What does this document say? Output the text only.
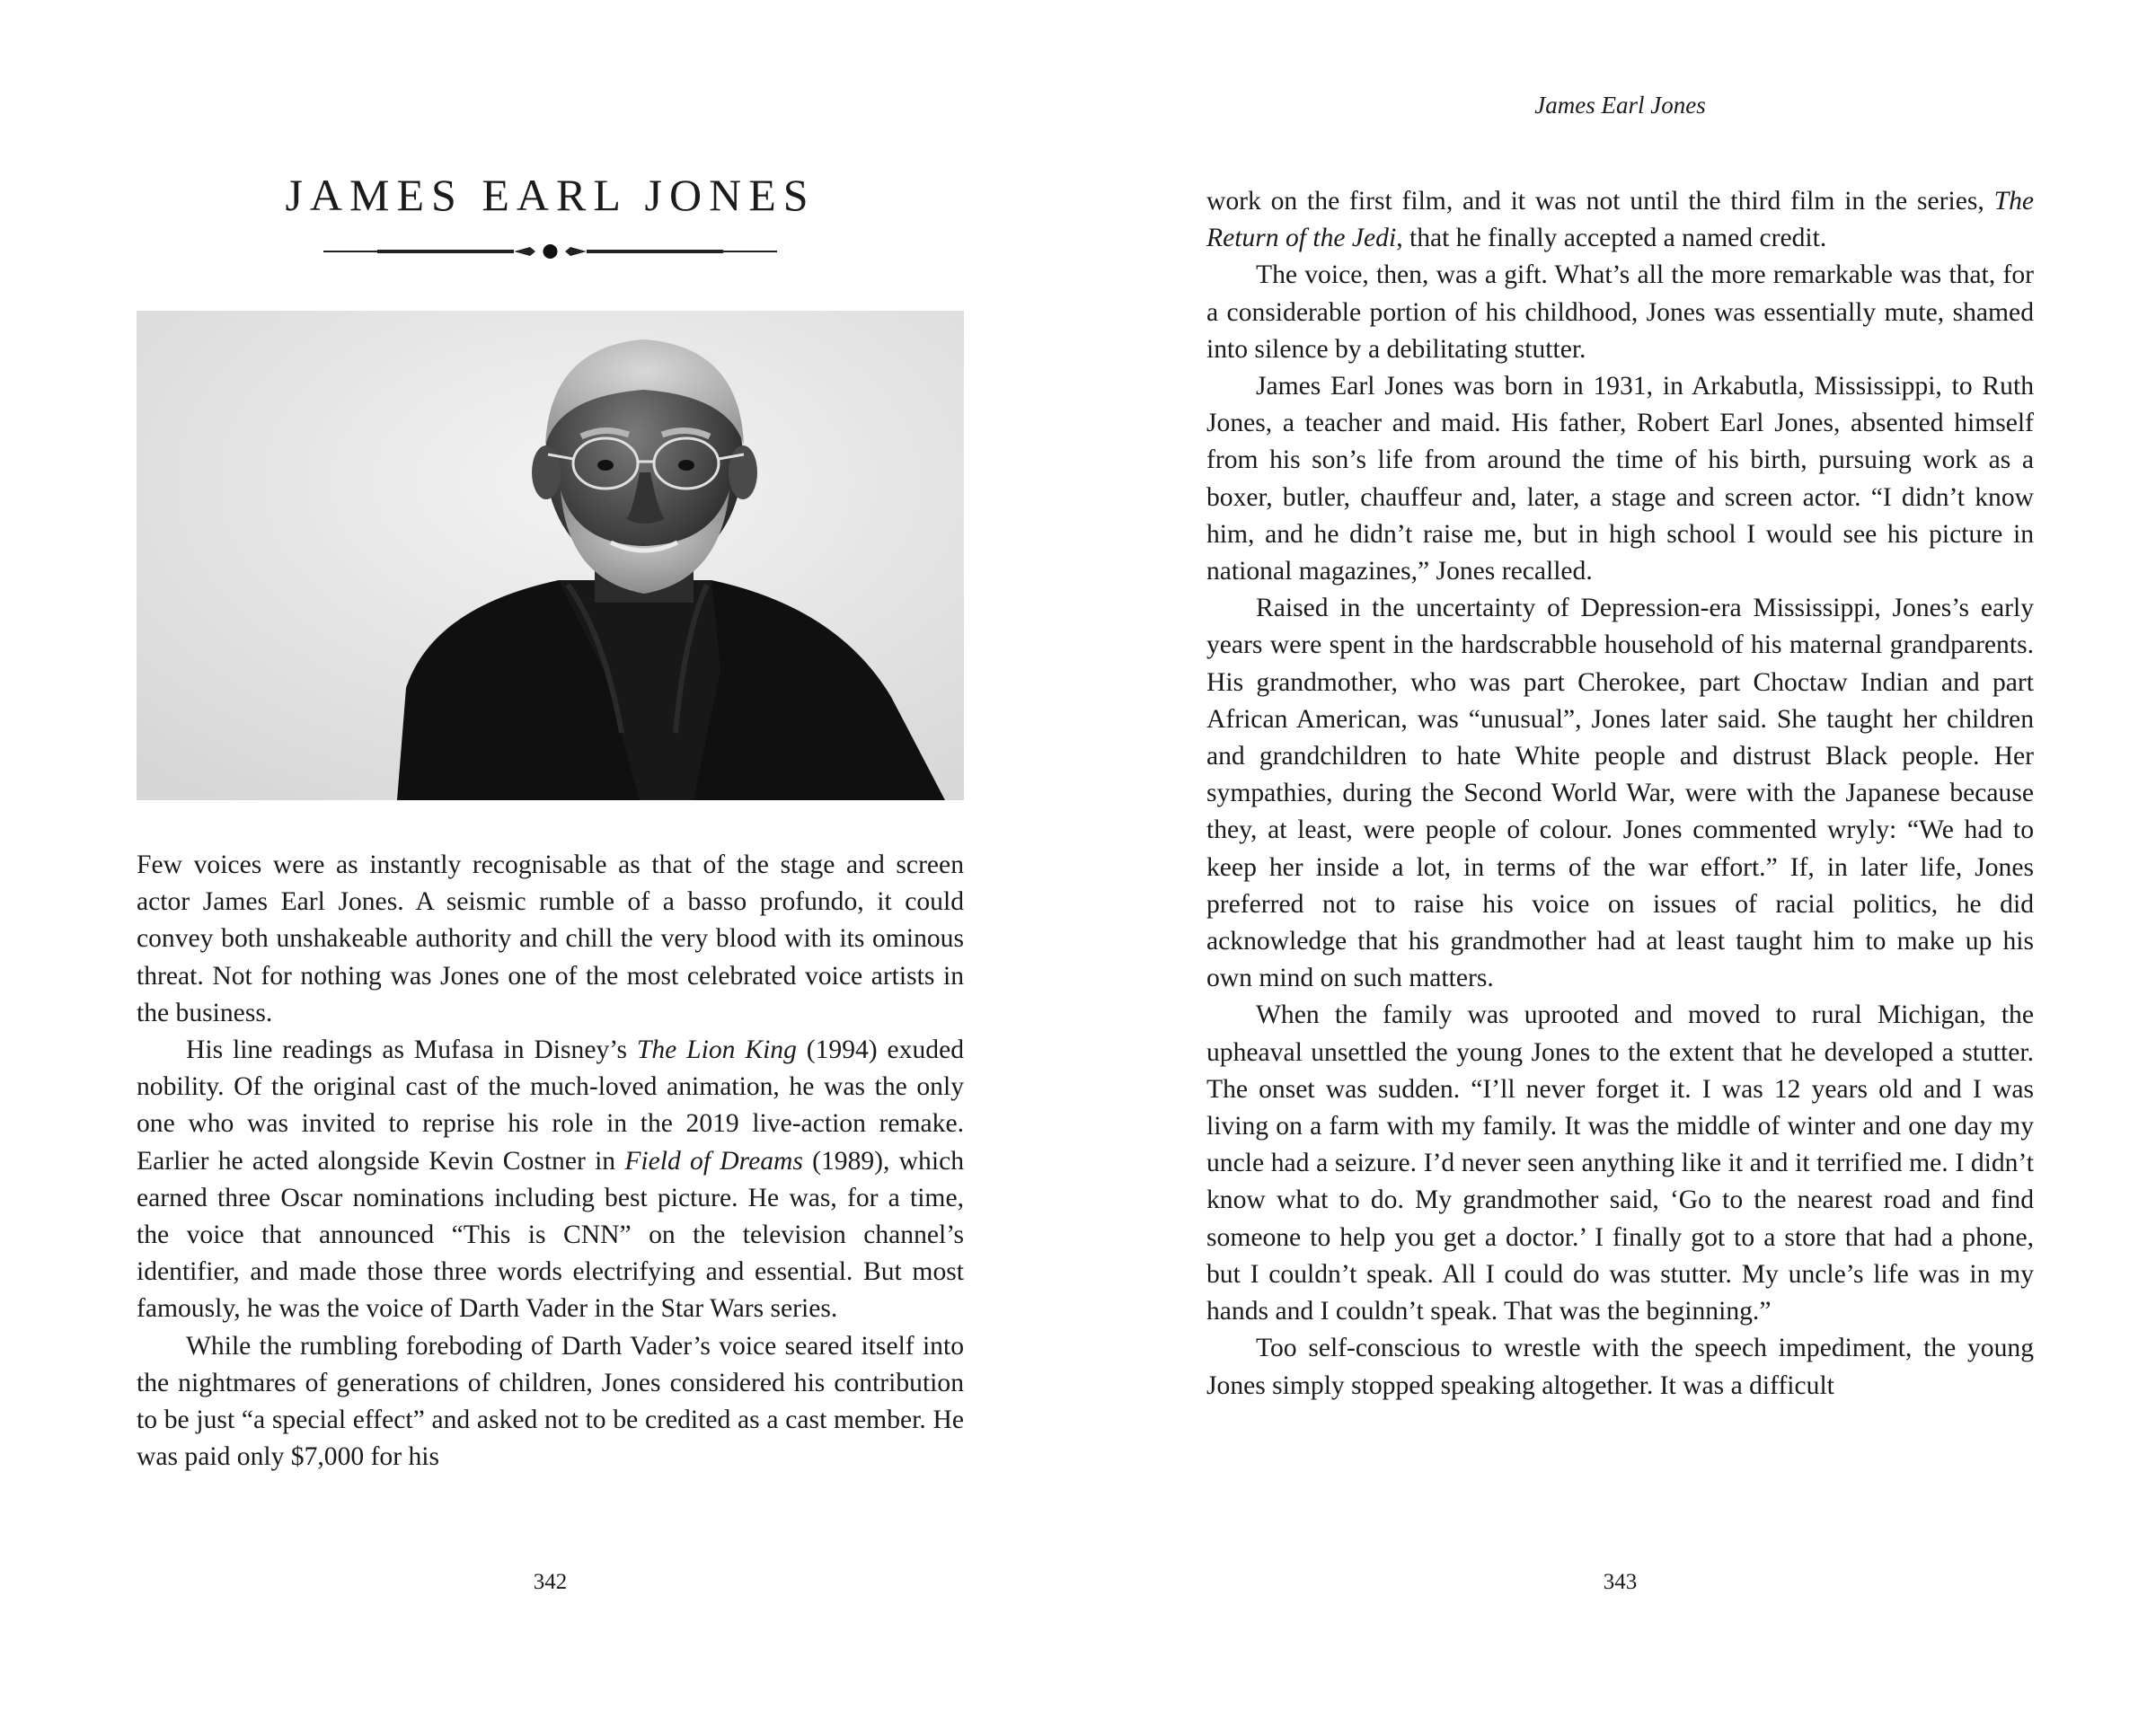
JAMES EARL JONES

Few voices were as instantly recognisable as that of the stage and screen actor James Earl Jones. A seismic rumble of a basso profundo, it could convey both unshakeable authority and chill the very blood with its ominous threat. Not for nothing was Jones one of the most celebrated voice artists in the business.

His line readings as Mufasa in Disney’s The Lion King (1994) exuded nobility. Of the original cast of the much-loved animation, he was the only one who was invited to reprise his role in the 2019 live-action remake. Earlier he acted alongside Kevin Costner in Field of Dreams (1989), which earned three Oscar nominations including best picture. He was, for a time, the voice that announced “This is CNN” on the television channel’s identifier, and made those three words electrifying and essential. But most famously, he was the voice of Darth Vader in the Star Wars series.

While the rumbling foreboding of Darth Vader’s voice seared itself into the nightmares of generations of children, Jones considered his contribution to be just “a special effect” and asked not to be credited as a cast member. He was paid only $7,000 for his

342

James Earl Jones

work on the first film, and it was not until the third film in the series, The Return of the Jedi, that he finally accepted a named credit.

The voice, then, was a gift. What’s all the more remarkable was that, for a considerable portion of his childhood, Jones was essentially mute, shamed into silence by a debilitating stutter.

James Earl Jones was born in 1931, in Arkabutla, Mississippi, to Ruth Jones, a teacher and maid. His father, Robert Earl Jones, absented himself from his son’s life from around the time of his birth, pursuing work as a boxer, butler, chauffeur and, later, a stage and screen actor. “I didn’t know him, and he didn’t raise me, but in high school I would see his picture in national magazines,” Jones recalled.

Raised in the uncertainty of Depression-era Mississippi, Jones’s early years were spent in the hardscrabble household of his maternal grandparents. His grandmother, who was part Cherokee, part Choctaw Indian and part African American, was “unusual”, Jones later said. She taught her children and grandchildren to hate White people and distrust Black people. Her sympathies, during the Second World War, were with the Japanese because they, at least, were people of colour. Jones commented wryly: “We had to keep her inside a lot, in terms of the war effort.” If, in later life, Jones preferred not to raise his voice on issues of racial politics, he did acknowledge that his grandmother had at least taught him to make up his own mind on such matters.

When the family was uprooted and moved to rural Michigan, the upheaval unsettled the young Jones to the extent that he developed a stutter. The onset was sudden. “I’ll never forget it. I was 12 years old and I was living on a farm with my family. It was the middle of winter and one day my uncle had a seizure. I’d never seen anything like it and it terrified me. I didn’t know what to do. My grandmother said, ‘Go to the nearest road and find someone to help you get a doctor.’ I finally got to a store that had a phone, but I couldn’t speak. All I could do was stutter. My uncle’s life was in my hands and I couldn’t speak. That was the beginning.”

Too self-conscious to wrestle with the speech impediment, the young Jones simply stopped speaking altogether. It was a difficult

343
